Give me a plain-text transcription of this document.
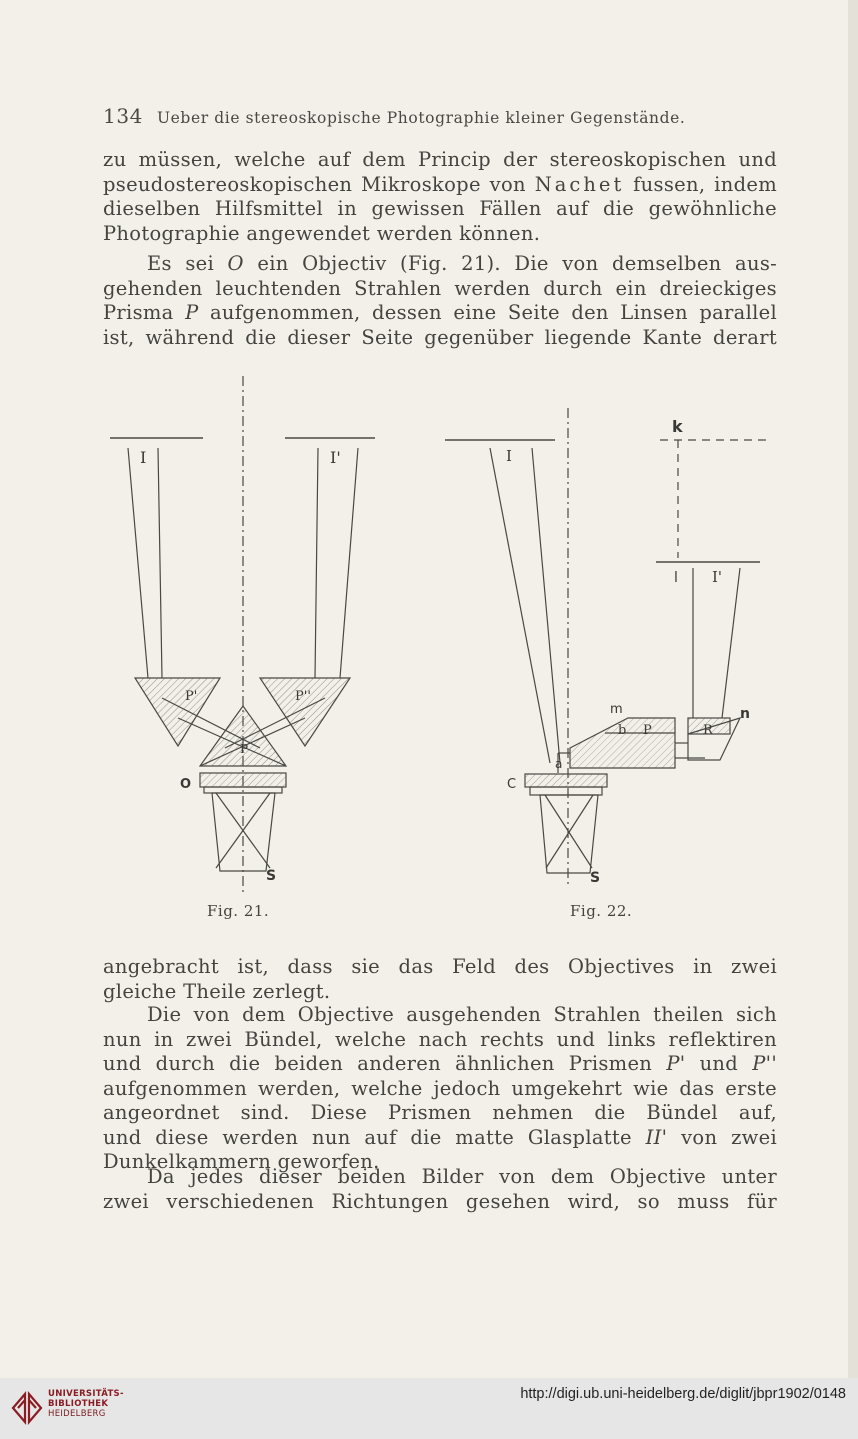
134 Ueber die stereoskopische Photographie kleiner Gegenstände.
zu müssen, welche auf dem Princip der stereoskopischen und
pseudostereoskopischen Mikroskope von Nachet fussen, indem
dieselben Hilfsmittel in gewissen Fällen auf die gewöhnliche
Photographie angewendet werden können.
Es sei O ein Objectiv (Fig. 21). Die von demselben aus-
gehenden leuchtenden Strahlen werden durch ein dreieckiges
Prisma P aufgenommen, dessen eine Seite den Linsen parallel
ist, während die dieser Seite gegenüber liegende Kante derart
I	I'
P'	P''
P
O
S
I
k
l I'
m	n
b P	R
a
C
S
Fig. 21.	Fig. 22.
angebracht ist, dass sie das Feld des Objectives in zwei
gleiche Theile zerlegt.
Die von dem Objective ausgehenden Strahlen theilen sich
nun in zwei Bündel, welche nach rechts und links reflektiren
und durch die beiden anderen ähnlichen Prismen P' und P''
aufgenommen werden, welche jedoch umgekehrt wie das erste
angeordnet sind. Diese Prismen nehmen die Bündel auf,
und diese werden nun auf die matte Glasplatte II' von zwei
Dunkelkammern geworfen.
Da jedes dieser beiden Bilder von dem Objective unter
zwei verschiedenen Richtungen gesehen wird, so muss für
UNIVERSITÄTS-
BIBLIOTHEK
HEIDELBERG
http://digi.ub.uni-heidelberg.de/diglit/jbpr1902/0148
